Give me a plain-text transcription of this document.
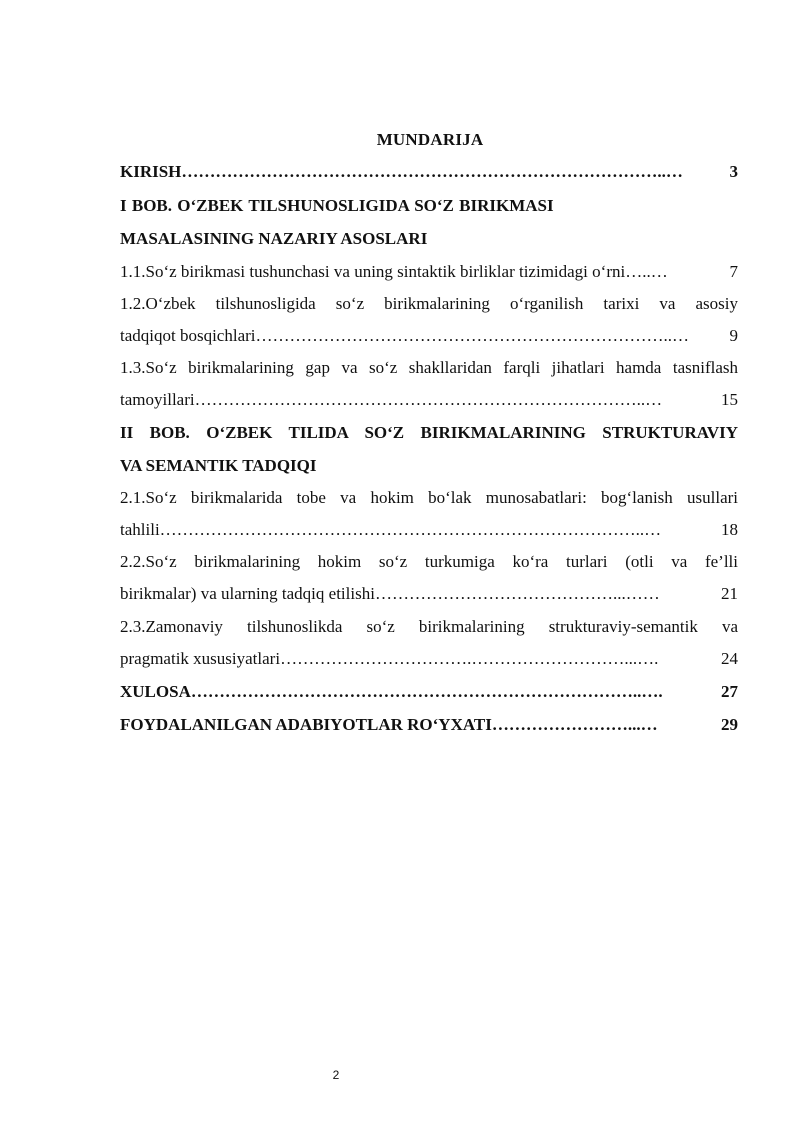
MUNDARIJA
KIRISH …………………………………………………………………………..…	3
I BOB. O‘ZBEK TILSHUNOSLIGIDA SO‘Z BIRIKMASI
MASALASINING NAZARIY ASOSLARI
1.1.So‘z birikmasi tushunchasi va uning sintaktik birliklar tizimidagi o‘rni …..…	7
1.2.O‘zbek tilshunosligida so‘z birikmalarining o‘rganilish tarixi va asosiy
tadqiqot bosqichlari ………………………………………………………………..…	9
1.3.So‘z birikmalarining gap va so‘z shakllaridan farqli jihatlari hamda tasniflash
tamoyillari ……………………………………………………………………..…	15
II BOB. O‘ZBEK TILIDA SO‘Z BIRIKMALARINING STRUKTURAVIY
VA SEMANTIK TADQIQI
2.1.So‘z birikmalarida tobe va hokim bo‘lak munosabatlari: bog‘lanish usullari
tahlili …………………………………………………………………………..…	18
2.2.So‘z birikmalarining hokim so‘z turkumiga ko‘ra turlari (otli va fe’lli
birikmalar) va ularning tadqiq etilishi ……………………………………...……	21
2.3.Zamonaviy tilshunoslikda so‘z birikmalarining strukturaviy-semantik va
pragmatik xususiyatlari …………………………….………………………...….	24
XULOSA ……………………………………………………………………..….	27
FOYDALANILGAN ADABIYOTLAR RO‘YXATI ……………………...…	29
2
